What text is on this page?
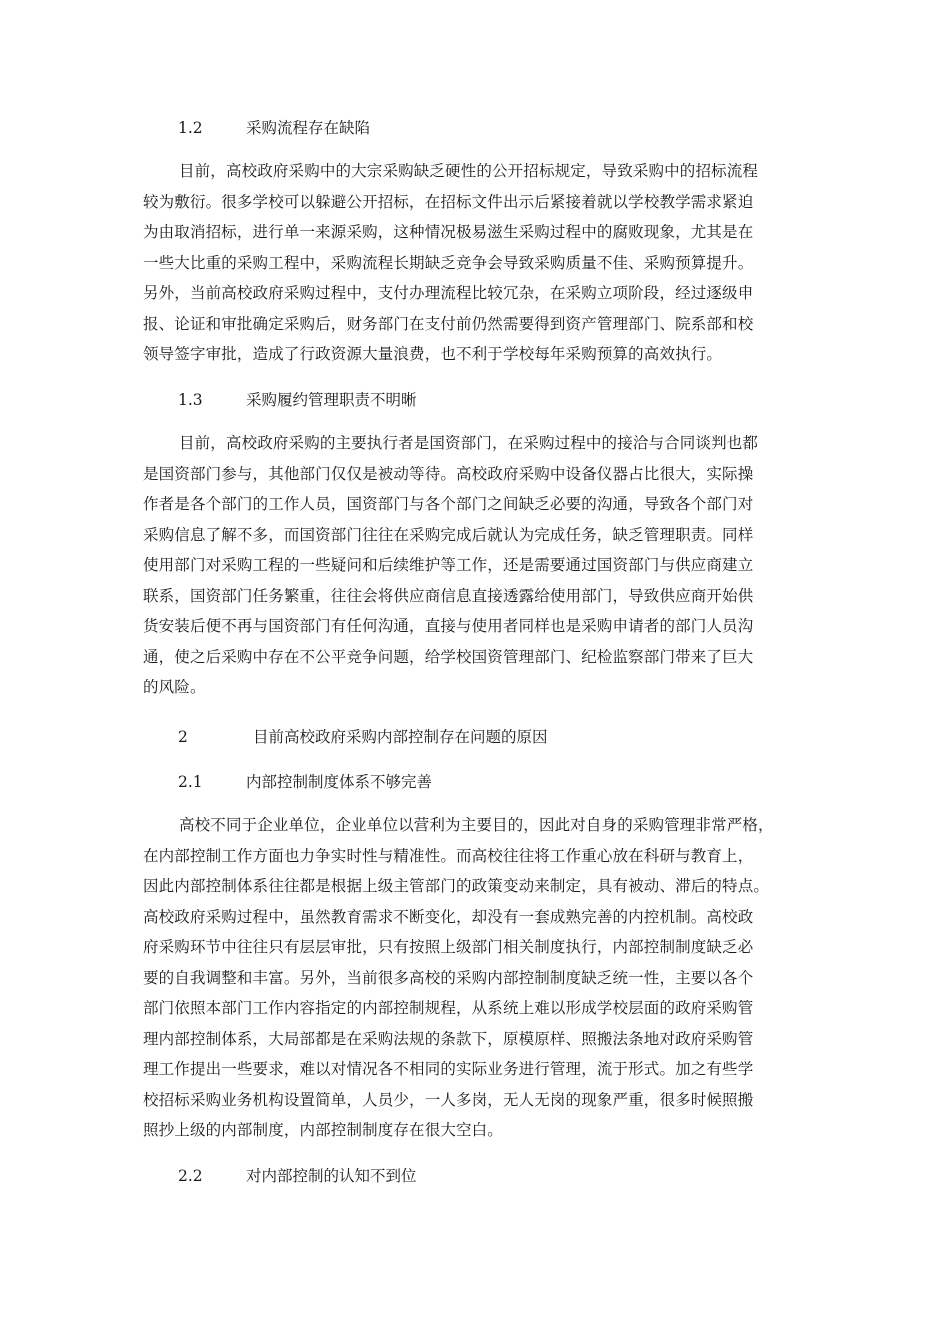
1.2	采购流程存在缺陷
目前，高校政府采购中的大宗采购缺乏硬性的公开招标规定，导致采购中的招标流程
较为敷衍。很多学校可以躲避公开招标，在招标文件出示后紧接着就以学校教学需求紧迫
为由取消招标，进行单一来源采购，这种情况极易滋生采购过程中的腐败现象，尤其是在
一些大比重的采购工程中，采购流程长期缺乏竞争会导致采购质量不佳、采购预算提升。
另外，当前高校政府采购过程中，支付办理流程比较冗杂，在采购立项阶段，经过逐级申
报、论证和审批确定采购后，财务部门在支付前仍然需要得到资产管理部门、院系部和校
领导签字审批，造成了行政资源大量浪费，也不利于学校每年采购预算的高效执行。
1.3	采购履约管理职责不明晰
目前，高校政府采购的主要执行者是国资部门，在采购过程中的接洽与合同谈判也都
是国资部门参与，其他部门仅仅是被动等待。高校政府采购中设备仪器占比很大，实际操
作者是各个部门的工作人员，国资部门与各个部门之间缺乏必要的沟通，导致各个部门对
采购信息了解不多，而国资部门往往在采购完成后就认为完成任务，缺乏管理职责。同样
使用部门对采购工程的一些疑问和后续维护等工作，还是需要通过国资部门与供应商建立
联系，国资部门任务繁重，往往会将供应商信息直接透露给使用部门，导致供应商开始供
货安装后便不再与国资部门有任何沟通，直接与使用者同样也是采购申请者的部门人员沟
通，使之后采购中存在不公平竞争问题，给学校国资管理部门、纪检监察部门带来了巨大
的风险。
2	目前高校政府采购内部控制存在问题的原因
2.1	内部控制制度体系不够完善
高校不同于企业单位，企业单位以营利为主要目的，因此对自身的采购管理非常严格，
在内部控制工作方面也力争实时性与精准性。而高校往往将工作重心放在科研与教育上，
因此内部控制体系往往都是根据上级主管部门的政策变动来制定，具有被动、滞后的特点。
高校政府采购过程中，虽然教育需求不断变化，却没有一套成熟完善的内控机制。高校政
府采购环节中往往只有层层审批，只有按照上级部门相关制度执行，内部控制制度缺乏必
要的自我调整和丰富。另外，当前很多高校的采购内部控制制度缺乏统一性，主要以各个
部门依照本部门工作内容指定的内部控制规程，从系统上难以形成学校层面的政府采购管
理内部控制体系，大局部都是在采购法规的条款下，原模原样、照搬法条地对政府采购管
理工作提出一些要求，难以对情况各不相同的实际业务进行管理，流于形式。加之有些学
校招标采购业务机构设置简单，人员少，一人多岗，无人无岗的现象严重，很多时候照搬
照抄上级的内部制度，内部控制制度存在很大空白。
2.2	对内部控制的认知不到位
